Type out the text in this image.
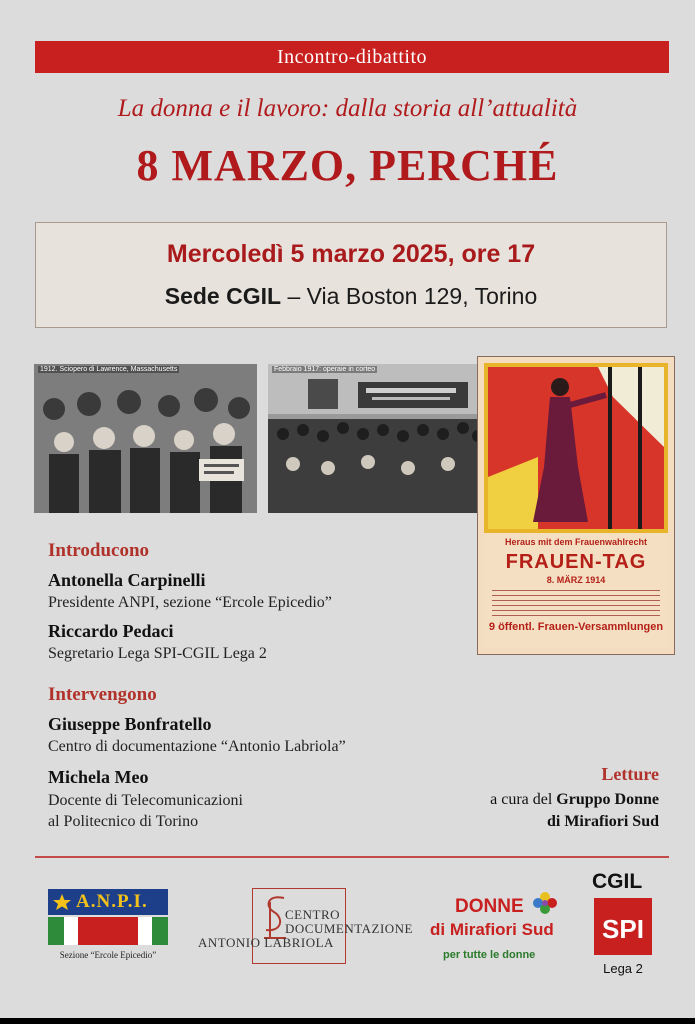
Incontro-dibattito
La donna e il lavoro: dalla storia all’attualità
8 MARZO, PERCHÉ
Mercoledì 5 marzo 2025, ore 17
Sede CGIL – Via Boston 129, Torino
1912. Sciopero di Lawrence, Massachusetts	Febbraio 1917: operaie in corteo
Heraus mit dem Frauenwahlrecht
FRAUEN-TAG
8. MÄRZ 1914
9 öffentl. Frauen-Versammlungen
Introducono
Antonella Carpinelli
Presidente ANPI, sezione “Ercole Epicedio”
Riccardo Pedaci
Segretario Lega SPI-CGIL Lega 2
Intervengono
Giuseppe Bonfratello
Centro di documentazione “Antonio Labriola”
Michela Meo
Docente di Telecomunicazioni
al Politecnico di Torino
Letture
a cura del Gruppo Donne
di Mirafiori Sud
A.N.P.I.
Sezione “Ercole Epicedio”
CENTRO
DOCUMENTAZIONE
ANTONIO LABRIOLA
DONNE
di Mirafiori Sud
per tutte le donne
CGIL
SPI
Lega 2
